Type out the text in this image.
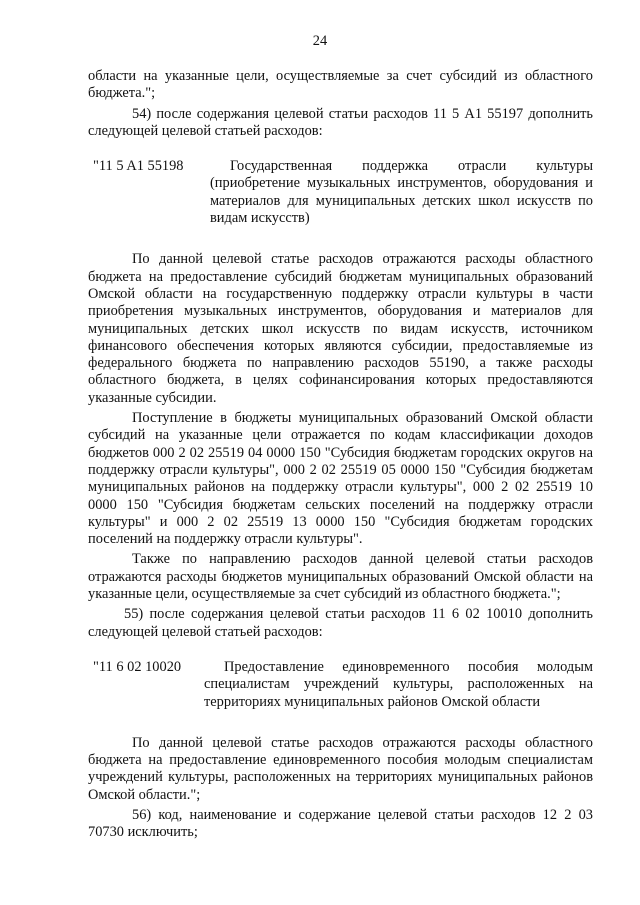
24

области на указанные цели, осуществляемые за счет субсидий из областного бюджета.";

54) после содержания целевой статьи расходов 11 5 A1 55197 дополнить следующей целевой статьей расходов:

"11 5 A1 55198	Государственная поддержка отрасли культуры (приобретение музыкальных инструментов, оборудования и материалов для муниципальных детских школ искусств по видам искусств)

По данной целевой статье расходов отражаются расходы областного бюджета на предоставление субсидий бюджетам муниципальных образований Омской области на государственную поддержку отрасли культуры в части приобретения музыкальных инструментов, оборудования и материалов для муниципальных детских школ искусств по видам искусств, источником финансового обеспечения которых являются субсидии, предоставляемые из федерального бюджета по направлению расходов 55190, а также расходы областного бюджета, в целях софинансирования которых предоставляются указанные субсидии.

Поступление в бюджеты муниципальных образований Омской области субсидий на указанные цели отражается по кодам классификации доходов бюджетов 000 2 02 25519 04 0000 150 "Субсидия бюджетам городских округов на поддержку отрасли культуры", 000 2 02 25519 05 0000 150 "Субсидия бюджетам муниципальных районов на поддержку отрасли культуры", 000 2 02 25519 10 0000 150 "Субсидия бюджетам сельских поселений на поддержку отрасли культуры" и 000 2 02 25519 13 0000 150 "Субсидия бюджетам городских поселений на поддержку отрасли культуры".

Также по направлению расходов данной целевой статьи расходов отражаются расходы бюджетов муниципальных образований Омской области на указанные цели, осуществляемые за счет субсидий из областного бюджета.";

55) после содержания целевой статьи расходов 11 6 02 10010 дополнить следующей целевой статьей расходов:

"11 6 02 10020	Предоставление единовременного пособия молодым специалистам учреждений культуры, расположенных на территориях муниципальных районов Омской области

По данной целевой статье расходов отражаются расходы областного бюджета на предоставление единовременного пособия молодым специалистам учреждений культуры, расположенных на территориях муниципальных районов Омской области.";

56) код, наименование и содержание целевой статьи расходов 12 2 03 70730 исключить;
